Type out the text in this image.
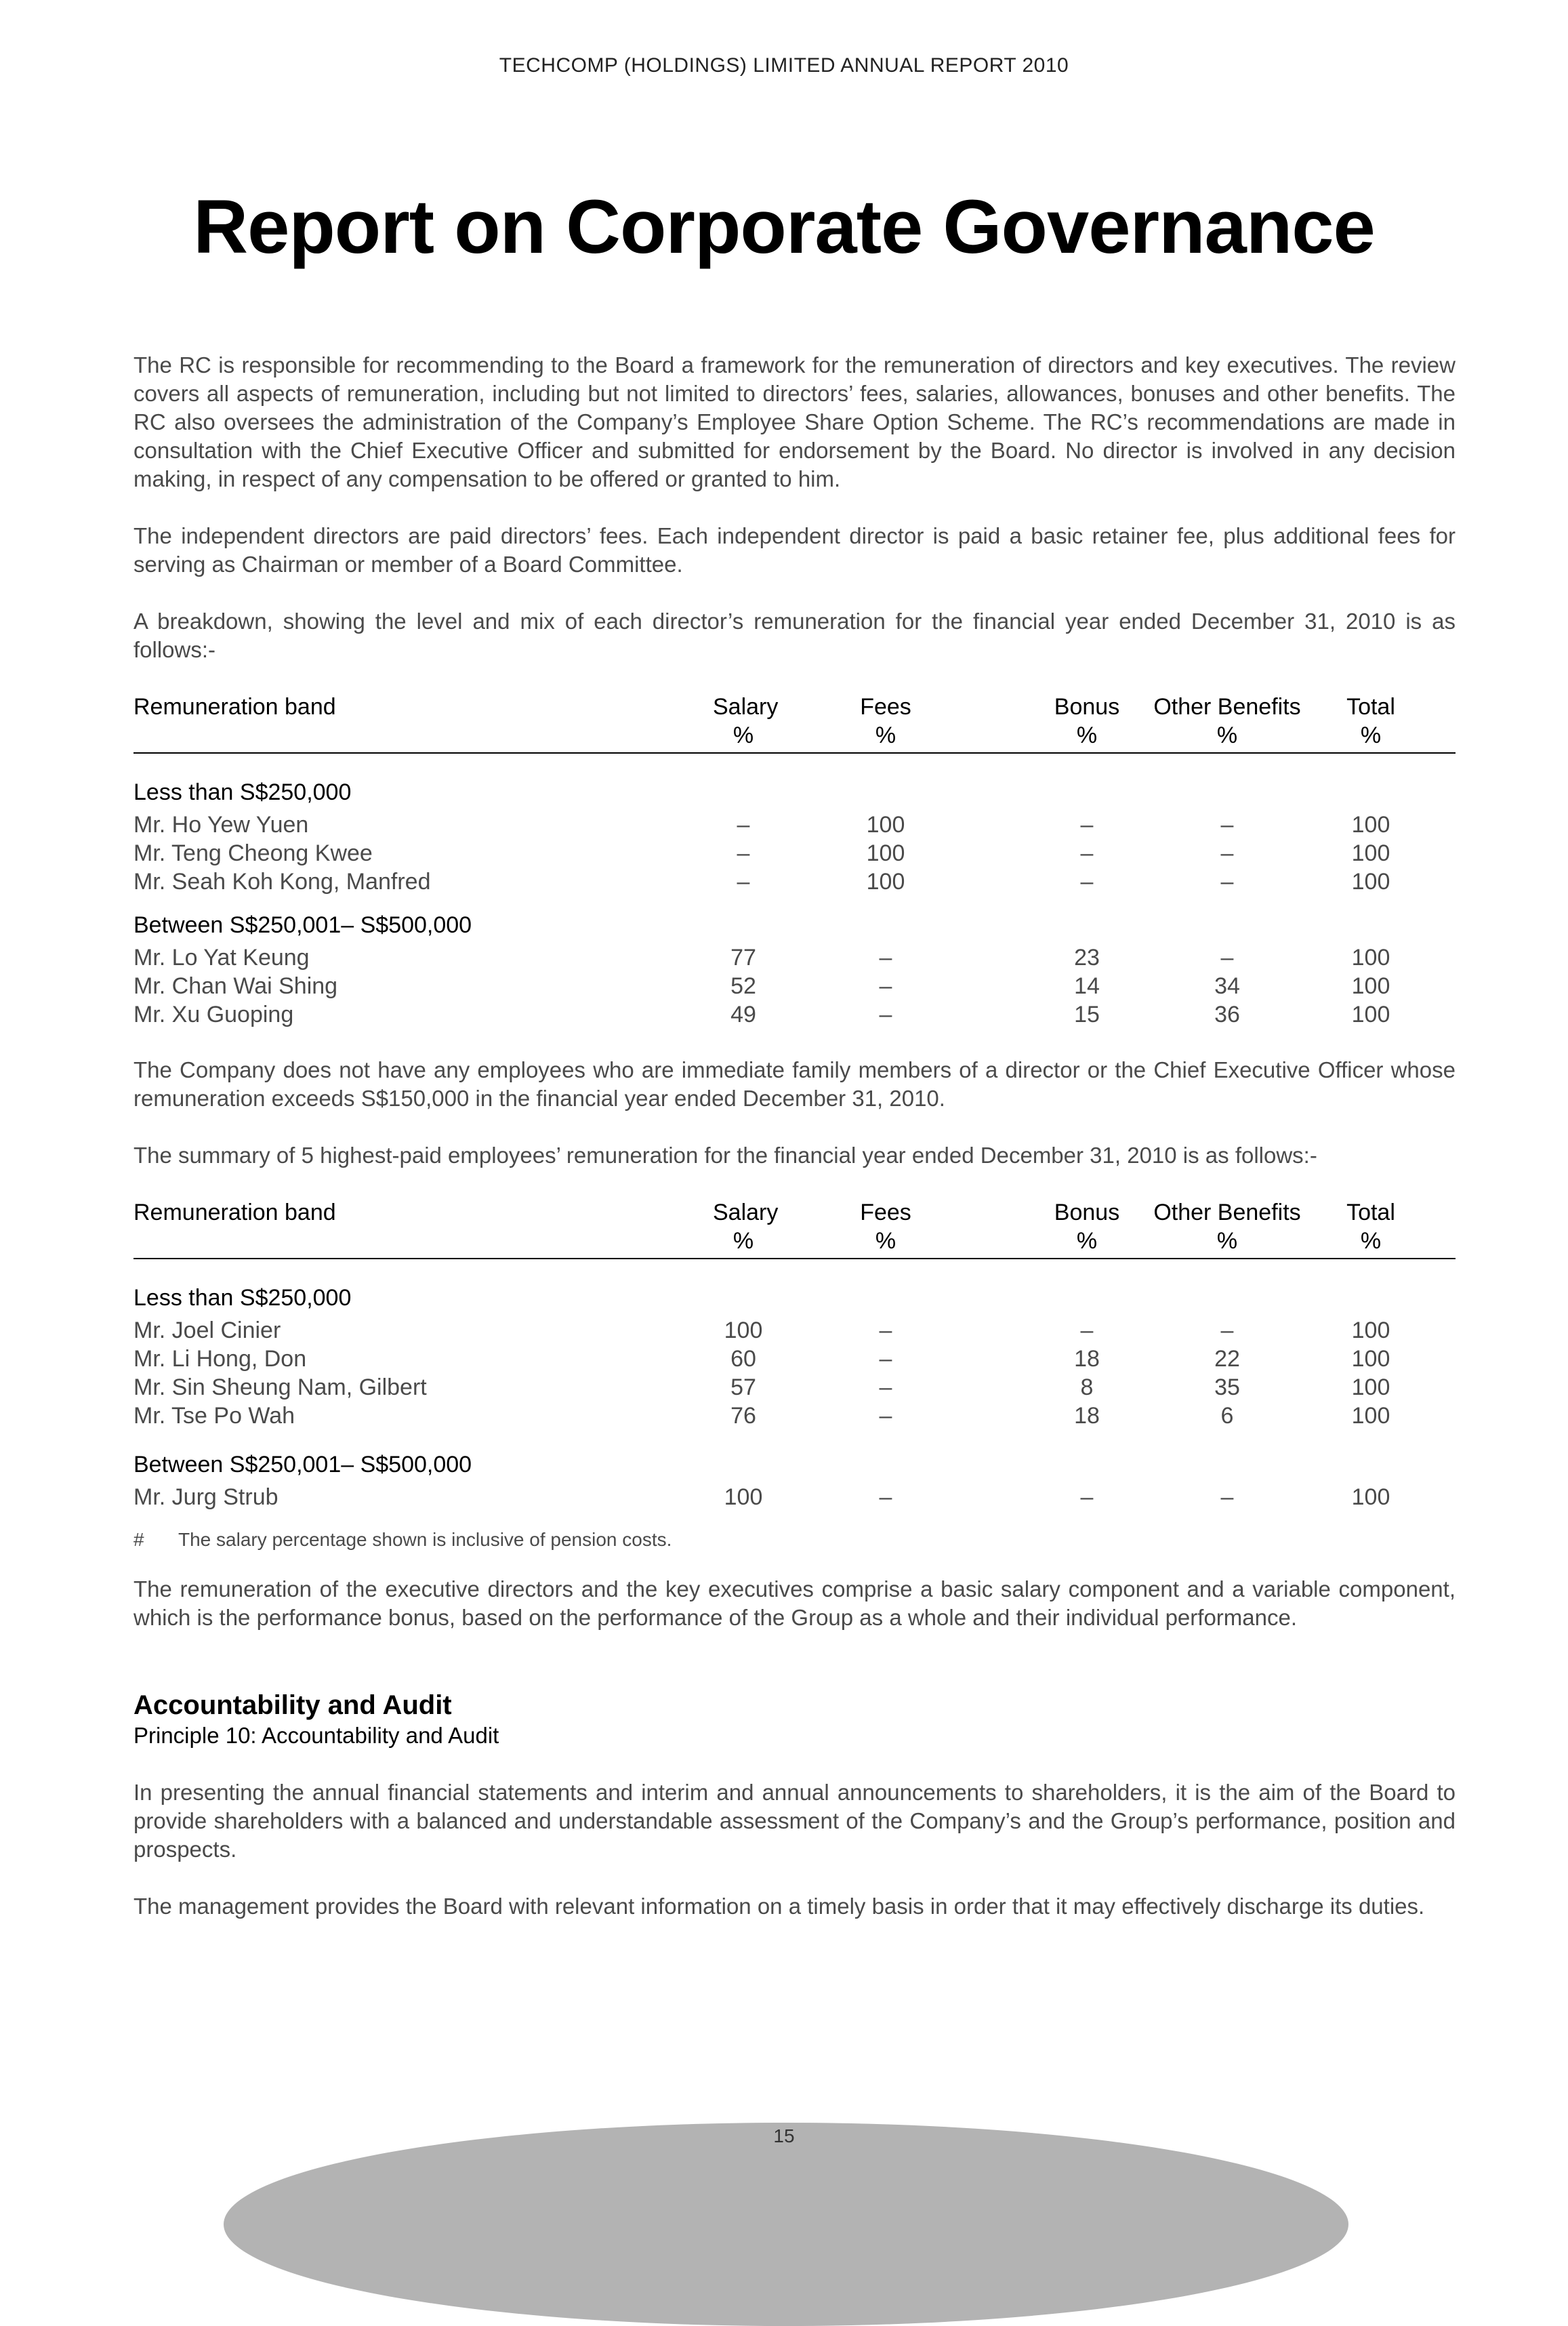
TECHCOMP (HOLDINGS) LIMITED ANNUAL REPORT 2010
Report on Corporate Governance

The RC is responsible for recommending to the Board a framework for the remuneration of directors and key executives. The review covers all aspects of remuneration, including but not limited to directors’ fees, salaries, allowances, bonuses and other benefits. The RC also oversees the administration of the Company’s Employee Share Option Scheme. The RC’s recommendations are made in consultation with the Chief Executive Officer and submitted for endorsement by the Board. No director is involved in any decision making, in respect of any compensation to be offered or granted to him.

The independent directors are paid directors’ fees. Each independent director is paid a basic retainer fee, plus additional fees for serving as Chairman or member of a Board Committee.

A breakdown, showing the level and mix of each director’s remuneration for the financial year ended December 31, 2010 is as follows:-

Remuneration band	Salary	Fees	Bonus	Other Benefits	Total
	%	%	%	%	%
Less than S$250,000					
Mr. Ho Yew Yuen	–	100	–	–	100
Mr. Teng Cheong Kwee	–	100	–	–	100
Mr. Seah Koh Kong, Manfred	–	100	–	–	100
Between S$250,001– S$500,000					
Mr. Lo Yat Keung	77	–	23	–	100
Mr. Chan Wai Shing	52	–	14	34	100
Mr. Xu Guoping	49	–	15	36	100

The Company does not have any employees who are immediate family members of a director or the Chief Executive Officer whose remuneration exceeds S$150,000 in the financial year ended December 31, 2010.

The summary of 5 highest-paid employees’ remuneration for the financial year ended December 31, 2010 is as follows:-

Remuneration band	Salary	Fees	Bonus	Other Benefits	Total
	%	%	%	%	%
Less than S$250,000					
Mr. Joel Cinier	100	–	–	–	100
Mr. Li Hong, Don	60	–	18	22	100
Mr. Sin Sheung Nam, Gilbert	57	–	8	35	100
Mr. Tse Po Wah	76	–	18	6	100
Between S$250,001– S$500,000					
Mr. Jurg Strub	100	–	–	–	100
# The salary percentage shown is inclusive of pension costs.

The remuneration of the executive directors and the key executives comprise a basic salary component and a variable component, which is the performance bonus, based on the performance of the Group as a whole and their individual performance.

Accountability and Audit
Principle 10: Accountability and Audit

In presenting the annual financial statements and interim and annual announcements to shareholders, it is the aim of the Board to provide shareholders with a balanced and understandable assessment of the Company’s and the Group’s performance, position and prospects.

The management provides the Board with relevant information on a timely basis in order that it may effectively discharge its duties.

15
